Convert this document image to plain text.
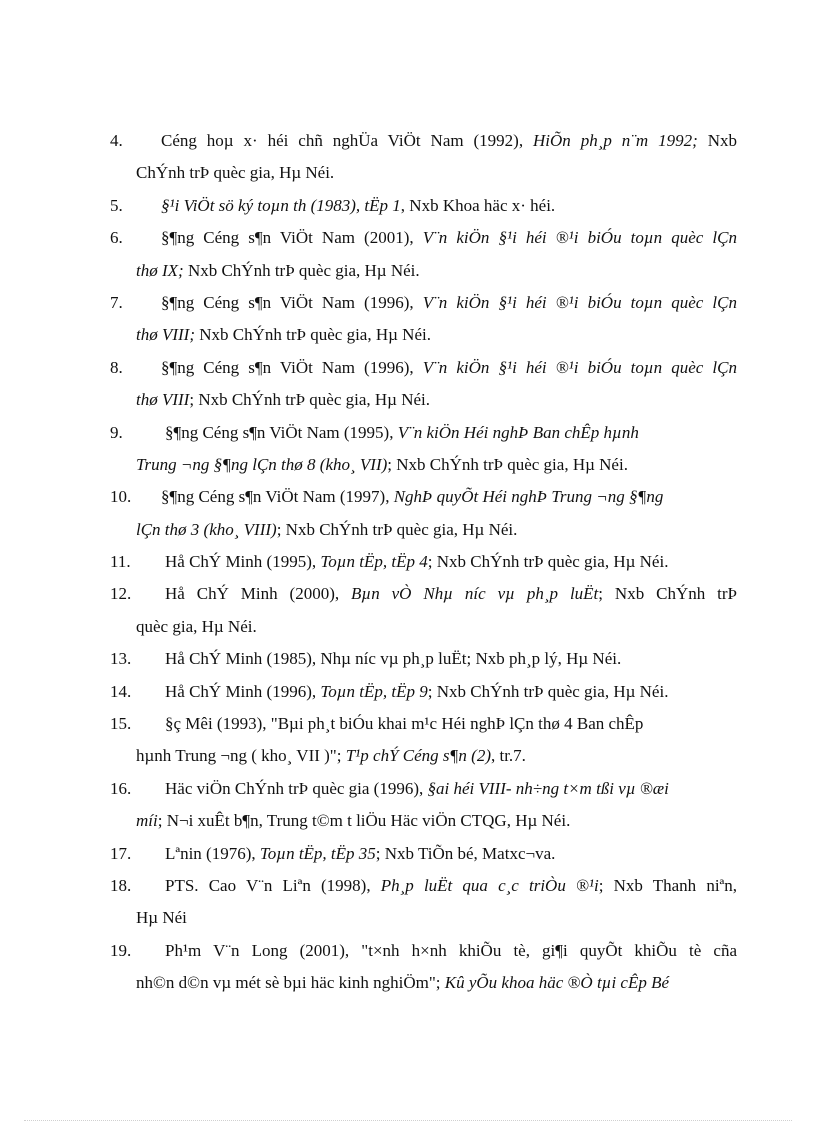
4.	Céng hoµ x· héi chñ nghÜa ViÖt Nam (1992), HiÕn ph¸p n¨m 1992; Nxb
ChÝnh trÞ quèc gia, Hµ Néi.
5.	§¹i ViÖt sö ký toµn th (1983), tËp 1, Nxb Khoa häc x· héi.
6.	§¶ng Céng s¶n ViÖt Nam (2001), V¨n kiÖn §¹i héi ®¹i biÓu toµn quèc lÇn
thø IX; Nxb ChÝnh trÞ quèc gia, Hµ Néi.
7.	§¶ng Céng s¶n ViÖt Nam (1996), V¨n kiÖn §¹i héi ®¹i biÓu toµn quèc lÇn
thø VIII; Nxb ChÝnh trÞ quèc gia, Hµ Néi.
8.	§¶ng Céng s¶n ViÖt Nam (1996), V¨n kiÖn §¹i héi ®¹i biÓu toµn quèc lÇn
thø VIII; Nxb ChÝnh trÞ quèc gia, Hµ Néi.
9.	§¶ng Céng s¶n ViÖt Nam (1995), V¨n kiÖn Héi nghÞ Ban chÊp hµnh
Trung ¬ng §¶ng lÇn thø 8 (kho¸ VII); Nxb ChÝnh trÞ quèc gia, Hµ Néi.
10.	§¶ng Céng s¶n ViÖt Nam (1997), NghÞ quyÕt Héi nghÞ Trung ¬ng §¶ng
lÇn thø 3 (kho¸ VIII); Nxb ChÝnh trÞ quèc gia, Hµ Néi.
11.	Hå ChÝ Minh (1995), Toµn tËp, tËp 4; Nxb ChÝnh trÞ quèc gia, Hµ Néi.
12.	Hå ChÝ Minh (2000), Bµn vÒ Nhµ níc vµ ph¸p luËt; Nxb ChÝnh trÞ
quèc gia, Hµ Néi.
13.	Hå ChÝ Minh (1985), Nhµ níc vµ ph¸p luËt; Nxb ph¸p lý, Hµ Néi.
14.	Hå ChÝ Minh (1996), Toµn tËp, tËp 9; Nxb ChÝnh trÞ quèc gia, Hµ Néi.
15.	§ç Mêi (1993), "Bµi ph¸t biÓu khai m¹c Héi nghÞ lÇn thø 4 Ban chÊp
hµnh Trung ¬ng ( kho¸ VII )"; T¹p chÝ Céng s¶n (2), tr.7.
16.	Häc viÖn ChÝnh trÞ quèc gia (1996), §ai héi VIII- nh÷ng t×m tßi vµ ®æi
míi; N¬i xuÊt b¶n, Trung t©m t liÖu Häc viÖn CTQG, Hµ Néi.
17.	Lªnin (1976), Toµn tËp, tËp 35; Nxb TiÕn bé, Matxc¬va.
18.	PTS. Cao V¨n Liªn (1998), Ph¸p luËt qua c¸c triÒu ®¹i; Nxb Thanh niªn,
Hµ Néi
19.	Ph¹m V¨n Long (2001), "t×nh h×nh khiÕu tè, gi¶i quyÕt khiÕu tè cña
nh©n d©n vµ mét sè bµi häc kinh nghiÖm"; Kû yÕu khoa häc ®Ò tµi cÊp Bé
